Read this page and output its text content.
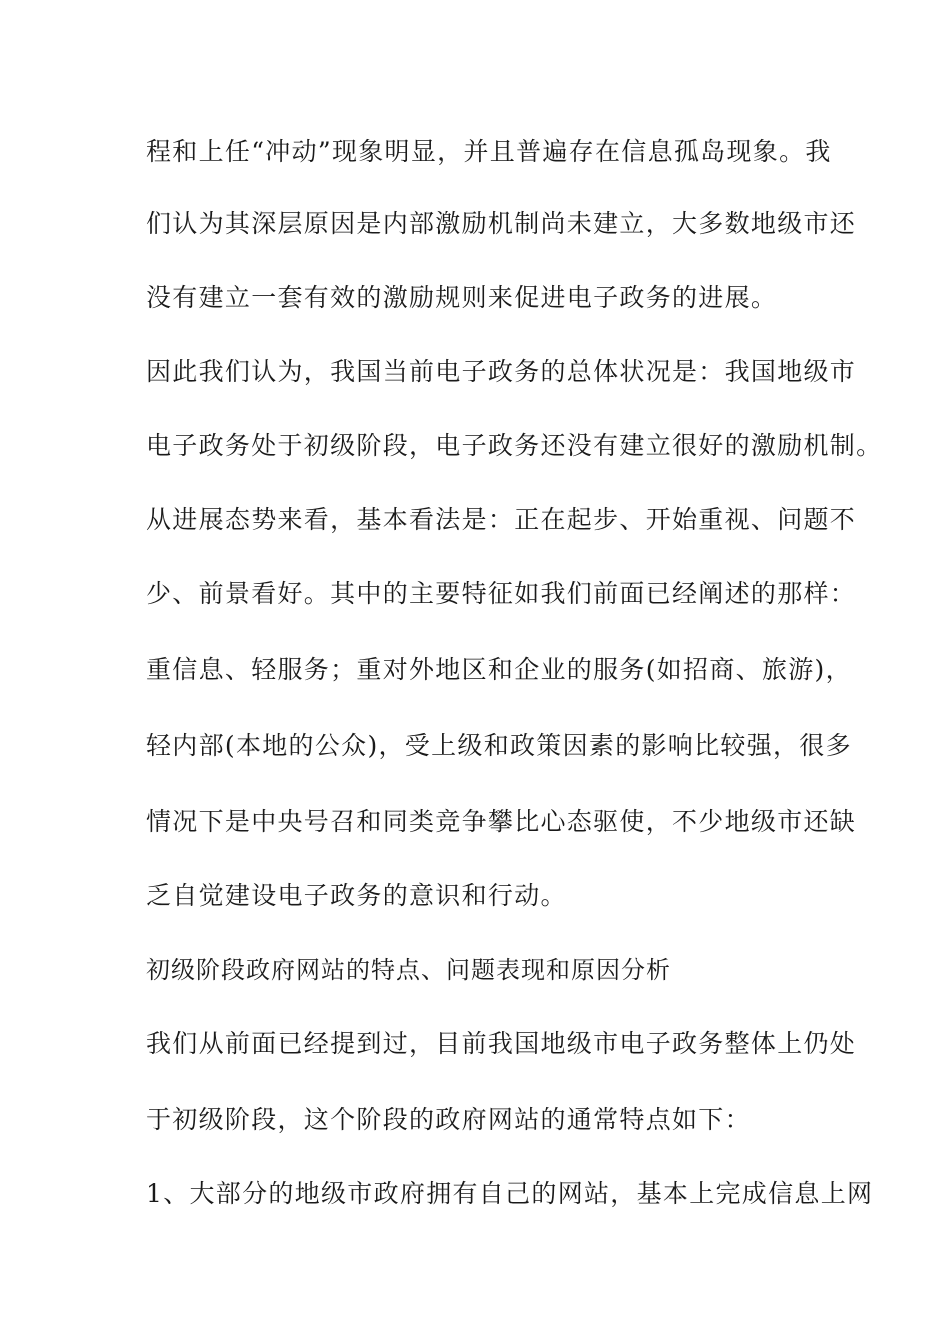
程和上任“冲动”现象明显，并且普遍存在信息孤岛现象。我
们认为其深层原因是内部激励机制尚未建立，大多数地级市还
没有建立一套有效的激励规则来促进电子政务的进展。
因此我们认为，我国当前电子政务的总体状况是：我国地级市
电子政务处于初级阶段，电子政务还没有建立很好的激励机制。
从进展态势来看，基本看法是：正在起步、开始重视、问题不
少、前景看好。其中的主要特征如我们前面已经阐述的那样：
重信息、轻服务；重对外地区和企业的服务(如招商、旅游)，
轻内部(本地的公众)，受上级和政策因素的影响比较强，很多
情况下是中央号召和同类竞争攀比心态驱使，不少地级市还缺
乏自觉建设电子政务的意识和行动。
初级阶段政府网站的特点、问题表现和原因分析
我们从前面已经提到过，目前我国地级市电子政务整体上仍处
于初级阶段，这个阶段的政府网站的通常特点如下：
1、大部分的地级市政府拥有自己的网站，基本上完成信息上网
